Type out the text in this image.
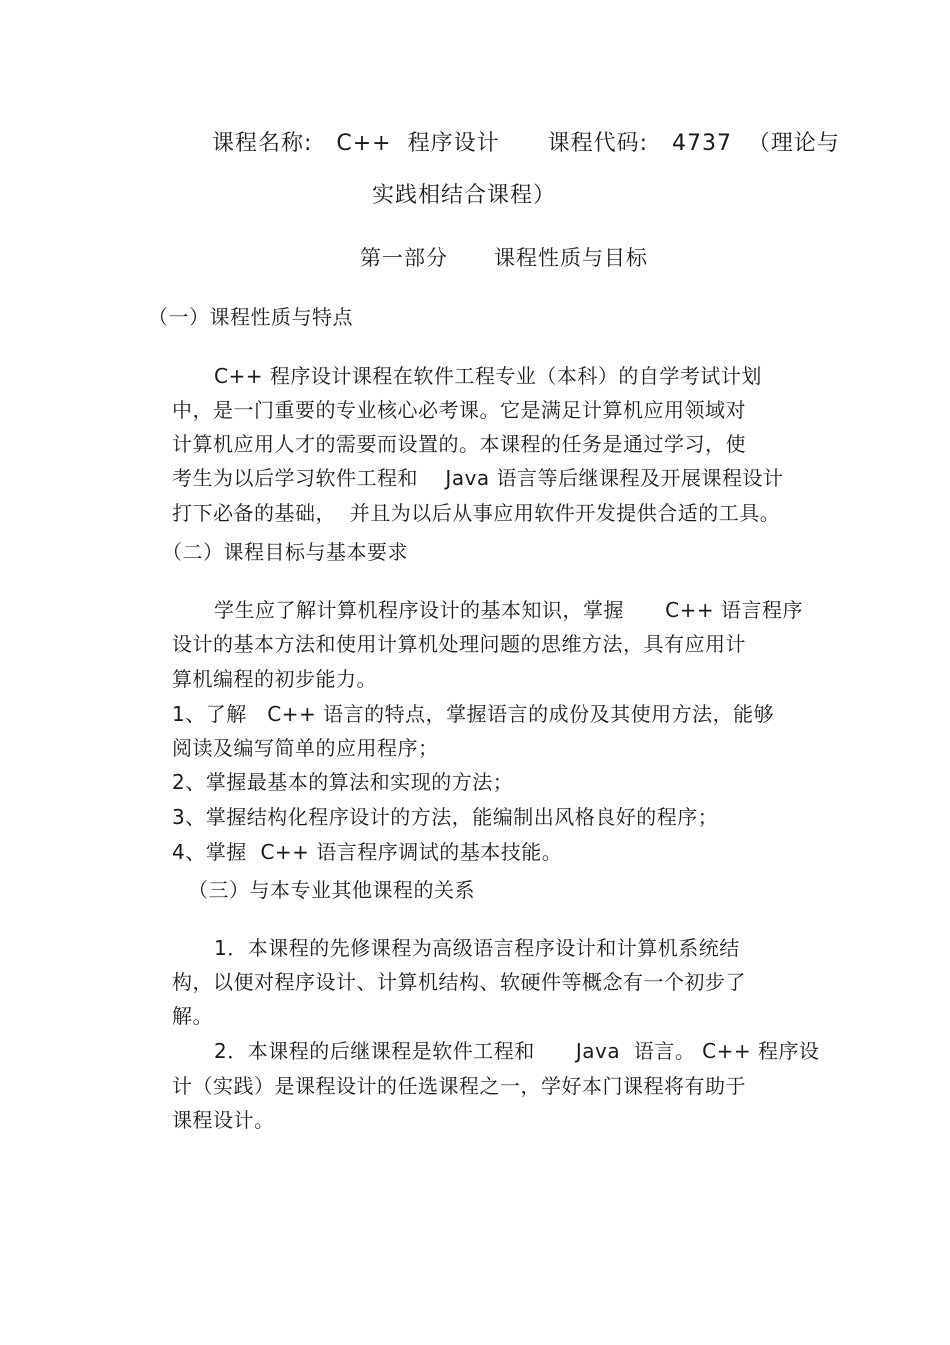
课程名称:   C++  程序设计      课程代码:   4737  （理论与
实践相结合课程）
第一部分      课程性质与目标
（一）课程性质与特点
C++ 程序设计课程在软件工程专业（本科）的自学考试计划
中，是一门重要的专业核心必考课。它是满足计算机应用领域对
计算机应用人才的需要而设置的。本课程的任务是通过学习，使
考生为以后学习软件工程和    Java 语言等后继课程及开展课程设计
打下必备的基础，  并且为以后从事应用软件开发提供合适的工具。
（二）课程目标与基本要求
学生应了解计算机程序设计的基本知识，掌握      C++ 语言程序
设计的基本方法和使用计算机处理问题的思维方法，具有应用计
算机编程的初步能力。
1、了解   C++ 语言的特点，掌握语言的成份及其使用方法，能够
阅读及编写简单的应用程序；
2、掌握最基本的算法和实现的方法；
3、掌握结构化程序设计的方法，能编制出风格良好的程序；
4、掌握  C++ 语言程序调试的基本技能。
（三）与本专业其他课程的关系
1．本课程的先修课程为高级语言程序设计和计算机系统结
构，以便对程序设计、计算机结构、软硬件等概念有一个初步了
解。
2．本课程的后继课程是软件工程和      Java  语言。 C++ 程序设
计（实践）是课程设计的任选课程之一，学好本门课程将有助于
课程设计。
